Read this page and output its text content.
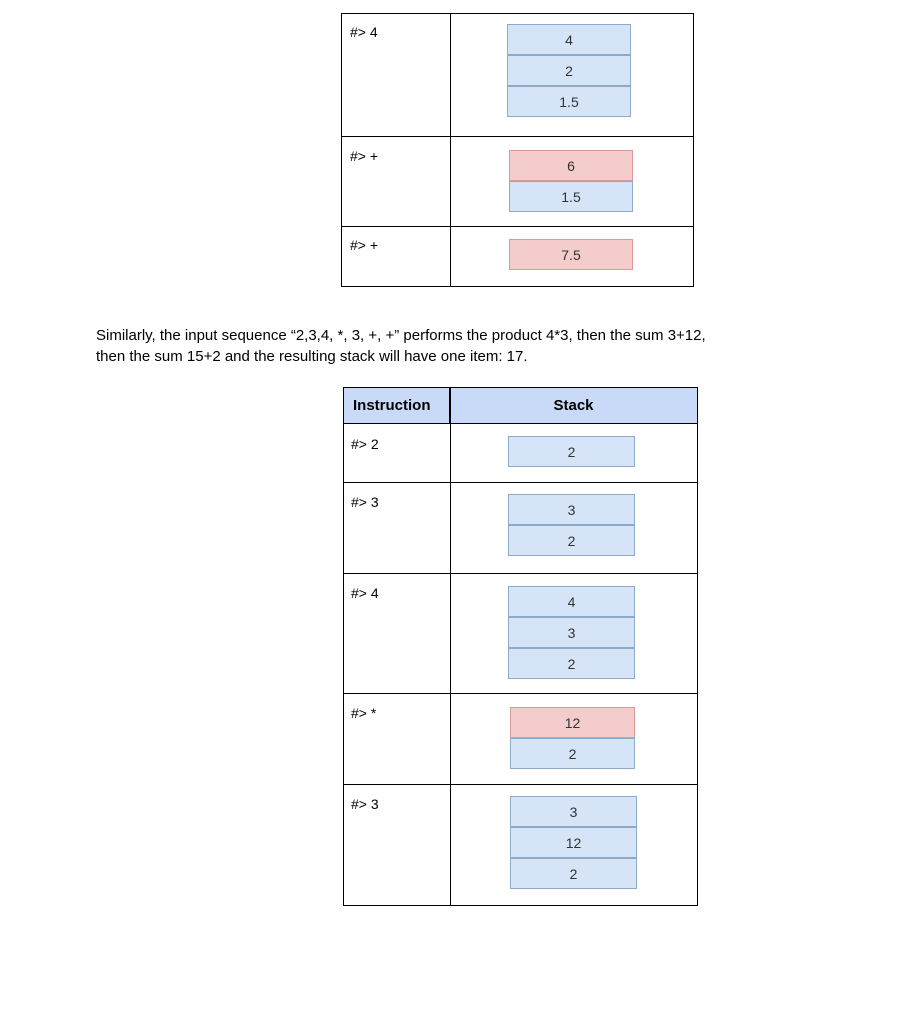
#> 4	4
2
1.5
#> +
6
1.5
#> +
7.5
Similarly, the input sequence “2,3,4, *, 3, +, +” performs the product 4*3, then the sum 3+12,
then the sum 15+2 and the resulting stack will have one item: 17.
Instruction	Stack
#> 2	2
#> 3	3
2
#> 4
4
3
2
#> *
12
2
#> 3	3
12
2
